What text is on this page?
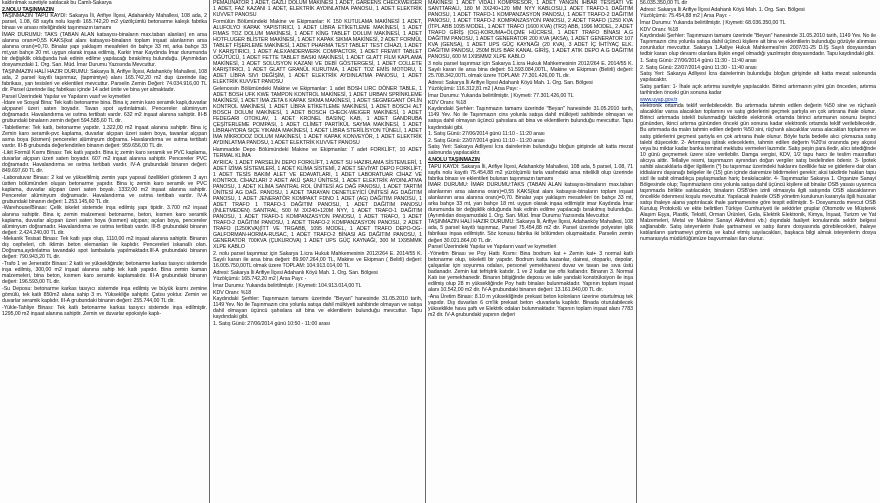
kaldırılmak suretiyle satılacak bu Camlı-Sakarya

2.NOLU TAŞINMAZIN

TAŞINMAZIN TAPU KAYDI: Sakarya İli, Arifiye İlçesi, Adahanköy Mahallesi, 108 ada, 2 parsel, 1.08, 68 sayfa nolu kayıtlı 165.742,20 m2 yüzölçümlü betonarme kaleşk fabrika binası ve arsası niteliğindeki taşınmazın tamamı

İMAR DURUMU: TAKS (TABAN ALAN katsayısı-binaların max.taban alanları) en arsa alanına oranı=0,55 KAKS(kat alanı katsayısı-binaların toplam inşaat alanlarının arsa alanına oranı)=0,70. Binalar yapı yaklaşım mesafeleri ön bahçe 33 mt, arka bahçe 33 mt,yan bahçe 20 mt. uygun olarak inşaa edilmiş, Karkir imar Kaydında İmar durumunda bir değişiklik olduğunda hak edinin edilme yapılacağı bırakılmış bulunduğu. (Ayrımlıdan dosyamızdaki 1. Org. San. Müd. İmar Durumu Yazısında Mevcuttur.

TAŞINMAZIN HALİ HAZIR DURUMU: Sakarya İli, Arifiye İlçesi, Adahanköy Mahallesi, 108 ada, 2 parsel kayıtlı taşınmaz, (tapmimiye) alanı 165.742,20 m2 dup üzerinde ilaç fabrikası, yan tesisleri ve eklentileri mevcuttur. Parselin Zemin Değeri: 74.034.916,00 TL dir. Parsel üzerinde ilaç fabrikası içinde 14 adet ünite ve bina yer almaktadır.

Parsel Üzerindeki Yapılar ve Yapıların vasıf ve kıymetleri

-İdare ve Sosyal Bina: Tek katlı betonarme bina. Bina iç zemin karo seramik kaplı,duvarlar alçıpanel üzeri saten boyadır. Tavan spot aydınlatmalı. Pencereler alüminyum doğramadır. Havalandırma ve ısıtma tertibatı vardır. 632 m2 inşaat alanına sahiptir. III-B grubundaki binaların zemin değeri 594.585,60 TL dir.

-Tabletleme: Tek katlı, betonarme yapıdır. 1.322,00 m2 inşaat alanına sahiptir. Bina iç Zemin karo seramik-pvc kaplama, duvarlar alçıpan üzeri saten boya, tavanlar alçıpan asma boya (kismen) pencereler alüminyum doğrama. Havalandırma ve ısıtma tertibatı vardır. III-B grubunda değerlendirilen binanın değeri: 959.656,00 TL dir.

-Likit Formül Kısmı Binası: Tek katlı yapıdır. Bina iç zemin karo seramik ve PVC kaplama, duvarlar alçıpan üzeri saten boyadır. 607 m2 inşaat alanına sahiptir. Pencereler PVC doğramadır. Havalandırma ve ısıtma tertibatı vardır. IV-A grubundaki binanın değeri: 849.697,60 TL dir.

-Laboratuvar Binası: 2 kat ve yükseltilmiş zemin yapı yapısal özellikleri gösteren 3 ayrı üstten bölümünden oluşan betonarme yapıdır. Bina iç zemin karo seramik ve PVC kaplama, duvarlar alçıpan üzeri saten boyalı. 1332,00 m2 inşaat alanına sahiptir. Pencereler alüminyum doğramadır. Havalandırma ve ısıtma tertibatı vardır. IV-A grubundaki binanın değeri: 1.253.145,60 TL dir.

-Warehouse/Binası: Çelik iskelet sistemde inşa edilmiş yapı tipidir. 3.700 m2 inşaat alanına sahiptir. Bina iç zemin malzemesi betonarme, beton, kısmen karo seramik kaplama, duvarlar alçıpan üzeri saten boya (kısmen) alçıpan; açılan boya, pencereler alüminyum doğramadır. Havalandırma ve ısıtma tertibatı vardır. III-B grubundaki binanın değeri: 2.424.240,00 TL dir.

-Mekanik Tesisat Binası: Tek katlı yapı olup, 1110,00 m2 inşaat alanına sahiptir. Binanın dış cepheleri, cih iklimin beton elemanları ile kaplıdır. Pencereleri iskanaIlı olan. Doğrama,aydınlatma tavandaki spot lambalarla yapılmaktadır.III-A grubundaki binanın değeri: 790.943,20 TL dir.

-Trafo 1 ve Jeneratör Binası: 2 katlı ve yüksekliğinde; betonarme karkas tasıyıcı sistemde inşa edilmiş, 300,00 m2 inşaat alanına sahip tek katlı yapıdır. Bina zemin kaman malzemeleri, bina beton, kısmen karo seramik kaplamalıdır. III-A grubundaki binanın değeri: 196.593,00 TL dir.

-Su Deposu: betonarme karkas tasıyıcı sistemde inşa edilmiş ve büyük kısmı zemine gömülü, tek katlı 850m2 alana sahip 3 m. Yüksekliğe sahiptir. Çatısı yoktur. Zemin ve duvarlar seramik kaplıdır. III-A grubundaki binanın değeri: 255.744,00 TL dir.

-Yükle-Tahliye Binası: Tek katlı betonarme karkas tasıyıcı sistemde inşa edilmiştir. 1295,00 m2 inşaat alanına sahiptir. Zemin ve duvarlar epoksiyle kaplı-

PEMAUNATOR 1 ADET, GAZLI DOLUM MAKİNESİ 1 ADET, GAREENS CHECKWEIGER 1 ADET, FAZ KAZANI 1 ADET, ELEKTRİK AYDINLATMA PANOSU, 1 ADET ELEKTRİK KUVVET PANOSU

Formülün Bölümündeki Makine ve Ekipmanlar: K 150 KUTULAMA MAKİNESİ 1 ADET, ALUFOLYO KAPAK YAPISTIRICI, 1 ADET LİBRA ETİKETLEME MAKİNESİ, 1 ADET FIMAS TOZ DOLUM MAKİNESİ, 1 ADET KİNG TABLET DOLUM MAKİNESİ, 1 ADET HOTFLUGER BLİSTER MAKİNESİ, 1 ADET KAPAK SIKMA MAKİNESİ, 2 ADET FORMÜL TABLET FİŞERLEME MAKİNESİ, 1 ADET PHARMA TEST TABLET TEST CİHAZI, 1 ADET V KARIŞTIRICI, 1 ADET ALEXANDERWERK COMPACTOR, 1 ADET FREWIT TABLET OĞÜTÜCÜ, 1 ADET FETTE TABLET BASKI MAKİNESİ, 1 ADET GLATT FİLM KAPLAMA MAKİNESİ, 1 ADET SOLUSYON KAZANI VE DEBİ GÖSTERGESİ, 1 ADET COLLETE KARIŞTIRICI, 1 ADET GLATT GRANÜL KURUTMA, 1 ADET TOZ EMİS MOTORU, 1 ADET LİBRA SIVI DEĞİŞİM, 1 ADET ELEKTRİK AYDINLATMA PANOSU, 1 ADET ELEKTRİK KUVVET PANOSU

Gelencesin Bölümündeki Makine ve Ekipmanlar: 1 adet BOSH LIRC DÖNER TABLE, 1 ADET BOSH UFK KWE TAMPON KONTROL MAKİNESİ, 1 ADET URBAN SPRİNKLEME MAKİNESİ, 1 ADET İMA ZETA 6 KAPAK SIKMA MAKİNESİ, 1 ADET SEGMEGANT ÖFLİN KONTROL MAKİNESİ, 1 ADET LİBRA ETİKETLEME MAKİNESİ, 1 ADET BOSCH ALT BOSCH DOLUM MAKİNESİ, 1 ADET BOSCH CHECK-WEIGER MAKİNESİ, 1 ADET FEDEGARI OTOKLAV, 1 ADET KRONEL BASINÇ KAB, 1 ADET GANDRUBA ÇEŞİTERLEME POMPASI, 1 ADET CLİMET PARTİKÜL SAYMA MAKİNESİ, 1 ADET LİBRAHYDRA SIÇE YIKAMA MAKİNESİ, 1 ADET LİBRA STERİLİSYON TÜNELİ, 1 ADET İMA MİKRODOZ DOLUM MAKİNESİ, 1 ADET KAPAK KONVEYÖR, 1 ADET ELEKTRİK AYDINLATMA PANOSU, 1 ADET ELEKTRİK KUVVET PANOSU

Hammadde Depo Bölümündeki Makine ve Ekipmanlar: 7 adet FORKLİFT, 10 ADET TERMAL KLİMA

AYRICA: 1 ADET PARSELİN DEPO FORKLİFT, 1 ADET SU HAZIRLAMA SİSTEMLERİ, 1 ADET İZİMA SİSTEMLERİ, 1 ADET KLİMA SİSTEMİ, 2 ADET SEVİYAT DEPO FORKLİFT, 1 ADET TESİS BAKIM ALET VE EDAVATLARI, 1 ADET LABORATUAR CİHAZ VE KONTROL CİHAZLARI 2 ADET AKÜ ŞARJ ÜNİTESİ, 1 ADET ELEKTRİK AYDINLATMA PANOSU, 1 ADET KLİMA SANTRAL ROL ÜNİTESİ AG DAĞ PANOSU, 1 ADET TARTIM ÜNİTESİ AG DAĞ. PANOSU, 1 ADET TARAYAN DENETLEYİCİ ÜNİTESİ AG DAĞITIM PANOSU, 1 ADET JENERATÖR KOMPAKT FDNO 1 ADET (AG) DAĞITIM PANOSU, 1 ADET TRAFO 1 TRAFO-1 DAĞITIM PANOSU, 1 ADET DAĞITIM PANOSU (İNLETMEDEN) SANTRAL, 500 M 3X240+120M NYY, 1 ADET TRAFO-1 DAĞITIM PANOSU, 1 ADET TRAFO-1 KOMPANZASYON PANOSU, 1 ADET TRAFO, 1 ADET TRAFO-2 DAĞITIM PANOSU, 1 ADET TRAFO-2 KOMPANZASYON PANOSU, 2 ADET TRAFO (1250KVA)(İTT VE TRGABB, 1095 MODEL, 1 ADET TRAFO DEPO-OG-GALFORMAN-HORMA-RUSAC, 1 ADET TRAFO-2 BİNASI AG DAĞITIM PANOSU, 1 GENERATOR 700KVA (ÇUKUROVA) 1 ADET UPS GÜÇ KAYNAĞI, 300 M 1X95MMK XLPE KABLO

2. nolu parsel taşınmaz için Sakarya 1.icra Hukuk Mahkemesinin 2012/264 E. 2014/55 K. Sayılı kararı ile arsa bina değeri: 89.907.264,00 TL, Makine ve Ekipman ( Belirli) değeri: 16.005.750,00TL olmak üzere TOPLAM: 104.913.014,00 TL

Adresi: Sakarya İli Arifiye İlçesi Adahanlı Köyü Mah. 1. Org. San. Bölgesi

Yüzölçümü: 165.742,20 m2 | Arsa Payı: -

İmar Durumu: Yukarıda belirtilmiştir. | Kıymeti: 104.913.014,00 TL

KDV Oranı: %18

Kaydındaki Şerhler: Taşınmazın tamamı üzerinde "Beyan" hanesinde 31.05.2010 tarih, 1149 Yev. No ile Taşınmazın cins yolunla satışa dahil mülkiyeti sahibinde olmayan ve satışa dahil olmayan üçüncü şahıslara ait bina ve eklentilerin bulunduğu mevcuttur. Tapu kaydındaki gibi.

1. Satış Günü: 27/06/2014 günü 10:50 - 11:00 arası

MAKİNESİ 1 ADET VİDALI KOMPRESÖR, 1 ADET YANGIN İHBAR TESİSATI VE SANTTARALI, 180 M 3X240+120 MM NYY KABLOSU,1 ADET TRAFO-1 DAĞITIM PANOSU, 1 ADET TRAFO-1 KOMPANZASYON PANOSU, 1 ADET TRAFO-2 DAĞITIM PANOSU, 1 ADET TRAFO-2 KOMPANZASYON PANOSU, 2 ADET TRAFO (1250 KVA (İTPL ABB 1095 MODEL, 1 ADET TRAFO (1600 KVA) (TR2) ABB, 1996 MODEL, 2 ADET TRAFO GİRİŞ (OG)-KORUMA+ÖLÇME HÜCRESİ, 1 ADET TRAFO BİNASI A.G DAĞITIM PANOSU, 1 ADET GENERATOR 200 KVA (AKSA), 1 ADET GENERATOR 107 KVA (GENSA), 1 ADET UPS GÜÇ KAYNAĞI (20 KVA), 3 ADET İÇ İHTİYAÇ ELK. DAĞITIM PANOSU, 250M BUS BAR KANAL GİRİŞ, 1 ADET ATIK DEPO A.G DAĞITIM PANOSU, 600 M 1X95MM2 XLPE KABLO

3 nolu parsel taşınmaz için Sakarya 1.icra Hukuk Mahkemesinin 2012/264 E. 2014/55 K. Sayılı kararı ile arsa bina değeri: 51.593.084,00TL, Makine ve Ekipman (Belirli) değeri: 25.708.342,00TL olmak üzere TOPLAM: 77.301.426,00 TL dir.

Adresi: Sakarya İli Arifiye İlçesi Adahanlı Köyü Mah. 1. Org. San. Bölgesi

Yüzölçümü: 116.312,81 m2 | Arsa Payı: -

İmar Durumu: Yukarıda belirtilmiştir. | Kıymeti: 77.301.426,00 TL

KDV Oranı: %18

Kaydındaki Şerhler: Taşınmazın tamamı üzerinde "Beyan" hanesinde 31.05.2010 tarih, 1149 Yev. No ile Taşınmazın cins yolunla satışa dahil mülkiyeti sahibinde olmayan ve satışa dahil olmayan üçüncü şahıslara ait bina ve eklentilerin bulunduğu mevcuttur. Tapu kaydındaki gibi.

1. Satış Günü: 27/06/2014 günü 11:10 - 11:20 arası

2. Satış Günü: 22/07/2014 günü 11:10 - 11:20 arası

Satış Yeri: Sakarya Adliyesi İcra dairelerinin bulunduğu bloğun girişinde alt katta mezat salonunda yapılacaktır.

4.NOLU TAŞINMAZIN

TAPU KAYDI: Sakarya İli, Arifiye İlçesi, Adahanköy Mahallesi, 108 ada, 5 parsel, 1.08, 71 sayfa nolu kayıtlı 75.454,88 m2 yüzölçümlü tarla vasfındaki arsa niteliklli olup üzerinde fabrika binası ve eklentileri bulunan taşınmazın tamamı

İMAR DURUMU: İMAR DURUMU:TAKS (TABAN ALAN katsayısı-binaların max.taban alanlarının arsa alanına oranı)=0,55 KAKS(kat alanı katsayısı-binaların toplam inşaat alanlarının arsa alanına oranı)=0,70. Binalar yapı yaklaşım mesafeleri ön bahçe 33 mt, arka bahçe 33 mt, yan bahçe 18 mt. uygun olarak inşaa edilmiştir imar Kaydında İmar durumunda bir değişiklik olduğunda hak edinin edilme yapılacağı bırakılmış bulunduğu. (Ayrımlıdan dosyamızdaki 1. Org. San. Müd. İmar Durumu Yazısında Mevcuttur.

TAŞINMAZIN HALİ HAZIR DURUMU: Sakarya İli, Arifiye İlçesi, Adahanköy Mahallesi, 108 ada, 5 parsel kayıtlı taşınmaz, Parsel 75.454,88 m2 dir. Parsel üzerinde polyester işlik fabrikası inşaa edilmiştir. Söz konusu fabrika iki bölümden oluşmaktadır. Parselin zemin değeri 30.021.864,00 TL dir.

Parsel Üzerindeki Yapılar ve Yapıların vasıf ve kıymetleri

-Yönetim Binası ve Poy Hattı Kısmı: Bina bodrum kat + Zemin kat+ 3 normal katlı betonarme olup, iskeletli bir yapıdır. Bodrum katta kazanlar, dairesi, otoparkı, depolar, çalışanlar için soyunma odaları, personel yemekhanesi duvar ve tavan ise sıva üstü badanadır. Zemin kat tefriştrik katıdır. 1 ve 2 katlar ise ofis katlarıdır. Binanın 3. Normal Katı ise yemekhanedir. Binanın bitişiğinde deposu ve iaile yandaki konstrüksiyon ile inşa edilmiş olup 28 m yüksekliğinde Poy hattı binaları bulunmaktadır. Yapının toplam inşaat alanı 10.542,00 m2 dir. IV-A grubundaki binanın değeri: 13.161.840,00 TL dir.

-Ana Üretim Binası: 8.10 m yüksekliğinde prekast beton kolonların üzerine oturtulmuş tek yapıdır. Dış duvarları 6 cm'lik prekast beton -duvarlarla kaplıdır. Binada oturulabilecek yükseklikte hava şaftı ve Elektrik odaları bulunmaktadır. Yapının toplam inşaat alanı 7783 m2 dir. IV-A grubundaki yapının değeri

56.035.350,00 TL dir

Adresi: Sakarya İli Arifiye İlçesi Adahanlı Köyü Mah. 1. Org. San. Bölgesi

Yüzölçümü: 75.454,88 m2 | Arsa Payı: -

İmar Durumu: Yukarıda belirtilmiştir. | Kıymeti: 68.036.350,00 TL

KDV Oranı: %18

Kaydındaki Şerhler: Taşınmazın tamamı üzerinde "Beyan" hanesinde 31.05.2010 tarih, 1149 Yev. No ile Taşınmazın cins yolunla satışa dahil üçüncü kişilere ait bina ve eklentilerin bulunduğu gözüyle alınması zorunludur mevcuttur. Sakarya 1.Asliye Hukuk Mahkemesi'nin 2007/31-25 D.İŞ Sayılı dosyasından tedbir kararı olup devamı olanlara ilişkin engel olmadığı yazılmıştır dosyasındadır. Tapu kaydındaki gibi.

1. Satış Günü: 27/06/2014 günü 11:30 - 11:40 arası

2. Satış Günü: 22/07/2014 günü 11:30 - 11:40 arası

Satış Yeri: Sakarya Adliyesi İcra dairelerinin bulunduğu bloğun girişinde alt katta mezat salonunda yapılacaktır.

Satış şartları: 1- İhale açık artırma suretiyle yapılacaktır. Birinci artırmanın yılmi gün önceden, artırma tarihinden önceki gün sonuna kadar

www.uyap.gov.tr

elektronik ortamda teklif verilebilecektir. Bu artırmada tahmin edilen değerin %50 sine ve rüçhanlı alacaklılar varsa alacakları toplamını ve satış giderlerini geçmek şartıyla en çok artırana ihale olunur. Birinci artırmada istekli bulunmadığı takdirde elektronik ortamda birinci artırmanın sonunu beşinci gününden, ikinci artırma gününden önceki gün sonuna kadar elektronik ortamda teklif verilebilecektir. Bu artırmada da malın tahmin edilen değerin %50 sini, rüçhanlı alacaklılar varsa alacakları toplamını ve satış giderlerini geçmesi şartıyla en çok artırana ihale olunur. Böyle fazla bedelle alıcı çıkmazsa satış talebi düşecektir. 2- Artırmaya iştirak edeceklerin, tahmin edilen değerin %20'si oranında pey akçesi veya bu miktar kadar banka teminat mektubu vermeleri lazımdır. Satış peşin para iledir, alıcı istediğinde 10 günü geçmemek üzere süre verilebilir. Damga vergisi, KDV, 1/2 tapu harcı ile teslim masrafları alıcıya aittir. Tellaliye resmi, taşınmazın aynından doğan vergiler satış bedelinden ödenir. 3- İpotek sahibi alacaklılarla diğer ilgililerin (*) bu taşınmaz üzerindeki haklarını özellikle faiz ve giderlere dair olan iddialarını dayanağı belgeler ile (15) gün içinde dairemize bildirmeleri gerekir; aksi takdirde hakları tapu sicil ile sabit olmadıkça paylaşmadan hariç bırakılacaktır. 4- Taşınmazlar Sakarya 1. Organize Sanayi Bölgesinde olup; Taşınmazların cins yolunla satışa dahil üçüncü kişilere ait binalar OSB yasası uyarınca taşınmazla birlikte satılacaktır, binaların OSB'den izinli olmasıyla ilgili satışında OSB alacaklarının öncelikle ödenmesi koşulu mevcuttur. Yapılacak ihalede OSB yönetim kurulunun kararıyla ilgili hususlar satışı ihaleye alana yaptırılacak ihale şartnamesine göre tespit edilmiştir. 5- Dosyamızda mevcut OSB Kuruluş Protokolü ve ekte belirtilen Türkiye Cumhuriyeti ile sektörler gruplar (Otomotiv ve Müşterek Alaşım Eşya, Plastik, Tekstil, Orman Ürünleri, Gıda, Elektrik Elektronik, Kimya, İnşaat, Turizm ve Yat Malzemeleri, Metal ve Makine Sanayi Aktivitesi vb.) dışındaki faaliyet konularında sektör belgesi sağlanabilir. Satış isteyenlerin ihale şartnamesi ve satış ilanını dosyasında görebilecekleri, ihaleye katılanların şartnameyi görmüş ve kabul etmiş sayılacakları, başkaca bilgi almak isteyenlerin dosya numarasıyla müdürlüğümüze başvurmaları ilan olunur.
